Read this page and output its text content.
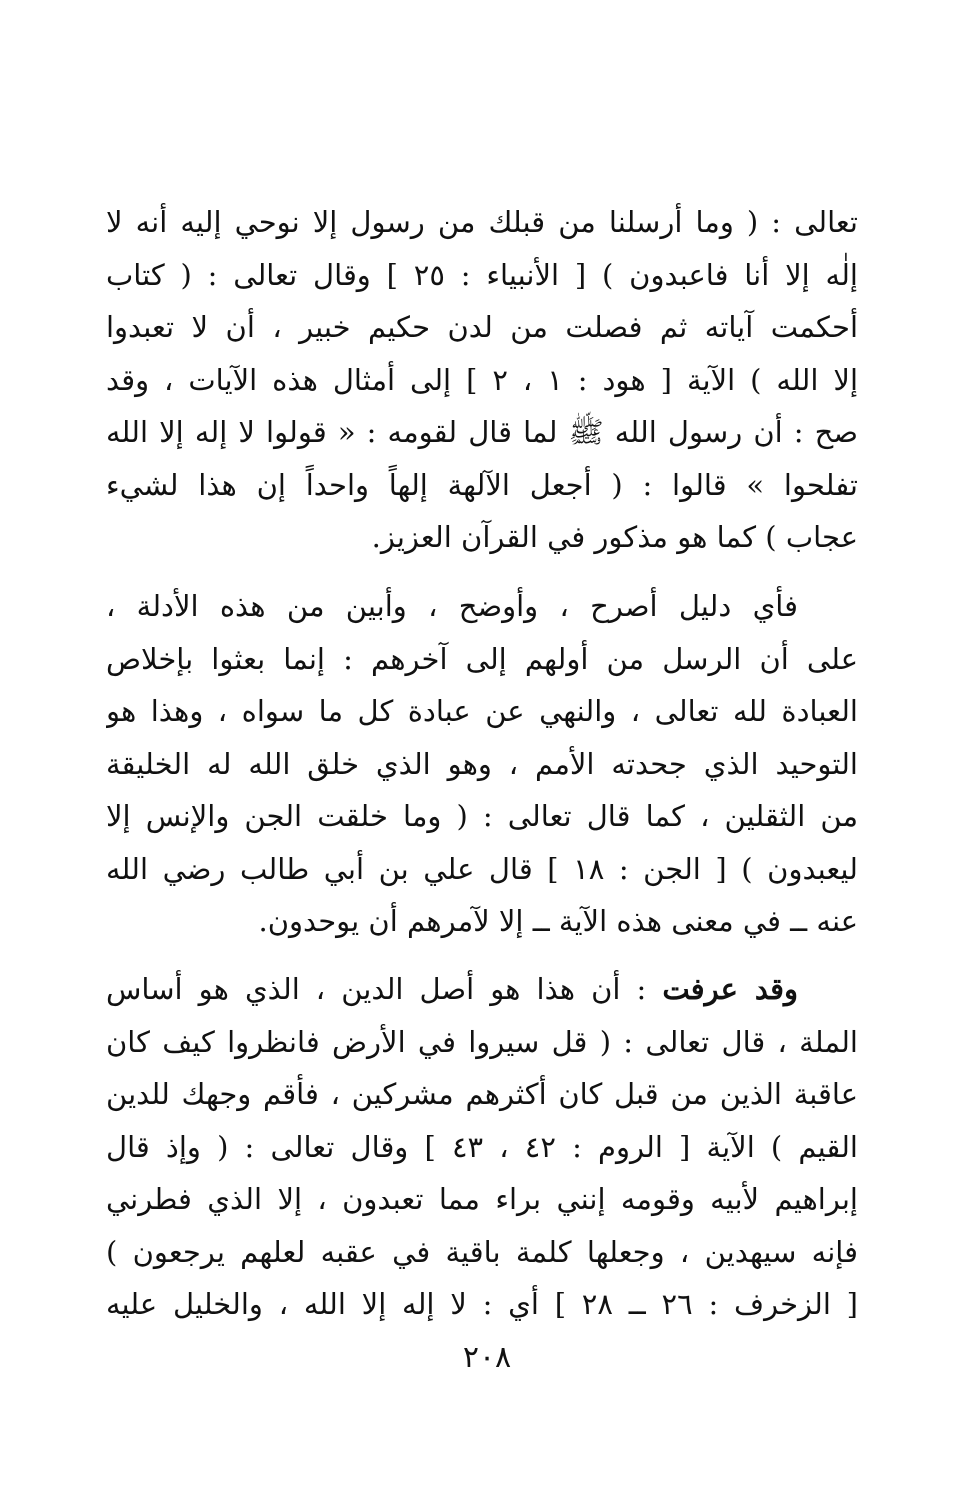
تعالى : ( وما أرسلنا من قبلك من رسول إلا نوحي إليه أنه لا
إلٰه إلا أنا فاعبدون ) [ الأنبياء : ٢٥ ] وقال تعالى : ( كتاب
أحكمت آياته ثم فصلت من لدن حكيم خبير ، أن لا تعبدوا
إلا الله ) الآية [ هود : ١ ، ٢ ] إلى أمثال هذه الآيات ، وقد
صح : أن رسول الله ﷺ لما قال لقومه : « قولوا لا إله إلا الله
تفلحوا » قالوا : ( أجعل الآلهة إلهاً واحداً إن هذا لشيء
عجاب ) كما هو مذكور في القرآن العزيز.
فأي دليل أصرح ، وأوضح ، وأبين من هذه الأدلة ،
على أن الرسل من أولهم إلى آخرهم : إنما بعثوا بإخلاص
العبادة لله تعالى ، والنهي عن عبادة كل ما سواه ، وهذا هو
التوحيد الذي جحدته الأمم ، وهو الذي خلق الله له الخليقة
من الثقلين ، كما قال تعالى : ( وما خلقت الجن والإنس إلا
ليعبدون ) [ الجن : ١٨ ] قال علي بن أبي طالب رضي الله
عنه ــ في معنى هذه الآية ــ إلا لآمرهم أن يوحدون.
وقد عرفت : أن هذا هو أصل الدين ، الذي هو أساس
الملة ، قال تعالى : ( قل سيروا في الأرض فانظروا كيف كان
عاقبة الذين من قبل كان أكثرهم مشركين ، فأقم وجهك للدين
القيم ) الآية [ الروم : ٤٢ ، ٤٣ ] وقال تعالى : ( وإذ قال
إبراهيم لأبيه وقومه إنني براء مما تعبدون ، إلا الذي فطرني
فإنه سيهدين ، وجعلها كلمة باقية في عقبه لعلهم يرجعون )
[ الزخرف : ٢٦ ــ ٢٨ ] أي : لا إله إلا الله ، والخليل عليه
٢٠٨
